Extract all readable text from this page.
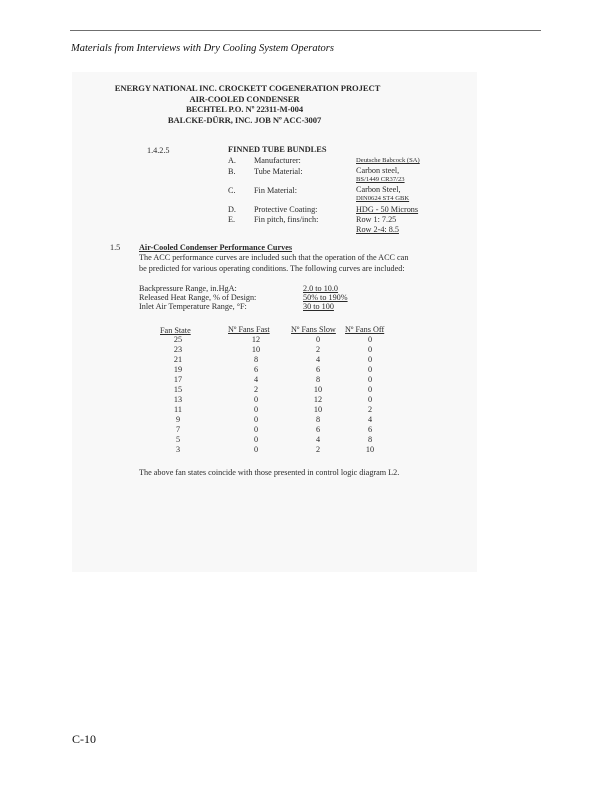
Materials from Interviews with Dry Cooling System Operators
ENERGY NATIONAL INC. CROCKETT COGENERATION PROJECT
AIR-COOLED CONDENSER
BECHTEL P.O. Nº 22311-M-004
BALCKE-DÜRR, INC. JOB Nº ACC-3007
1.4.2.5	FINNED TUBE BUNDLES
A. Manufacturer:	Deutsche Babcock (SA)
B. Tube Material:	Carbon steel,
BS/1449 CR37/23
C. Fin Material:	Carbon Steel,
DIN0624 ST4 GBK
D. Protective Coating:	HDG - 50 Microns
E. Fin pitch, fins/inch:	Row 1: 7.25
Row 2-4: 8.5
1.5 Air-Cooled Condenser Performance Curves
The ACC performance curves are included such that the operation of the ACC can
be predicted for various operating conditions. The following curves are included:
Backpressure Range, in.HgA:	2.0 to 10.0
Released Heat Range, % of Design:	50% to 190%
Inlet Air Temperature Range, °F:	30 to 100
Fan State	Nº Fans Fast	Nº Fans Slow Nº Fans Off
25	12	0	0
23	10	2	0
21	8	4	0
19	6	6	0
17	4	8	0
15	2	10	0
13	0	12	0
11	0	10	2
9	0	8	4
7	0	6	6
5	0	4	8
3	0	2	10
The above fan states coincide with those presented in control logic diagram L2.
C-10
